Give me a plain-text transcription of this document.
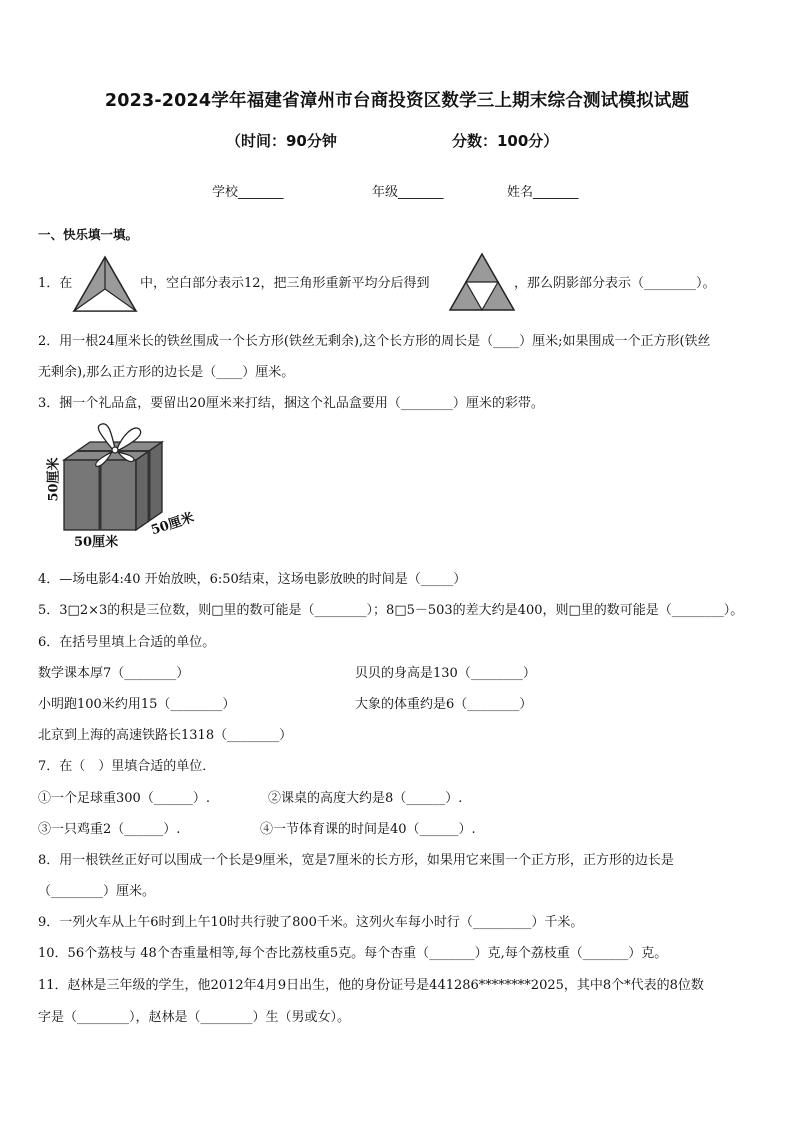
2023-2024学年福建省漳州市台商投资区数学三上期末综合测试模拟试题
（时间：90分钟	分数：100分）
学校_______	年级_______	姓名_______
一、快乐填一填。
1．在	中，空白部分表示12，把三角形重新平均分后得到	，那么阴影部分表示（________）。
2．用一根24厘米长的铁丝围成一个长方形(铁丝无剩余),这个长方形的周长是（____）厘米;如果围成一个正方形(铁丝
无剩余),那么正方形的边长是（____）厘米。
3．捆一个礼品盒，要留出20厘米来打结，捆这个礼品盒要用（________）厘米的彩带。
50厘米
50厘米
50厘米
4．—场电影4:40 开始放映，6:50结束，这场电影放映的时间是（_____）
5．3□2×3的积是三位数，则□里的数可能是（________）；8□5－503的差大约是400，则□里的数可能是（________）。
6．在括号里填上合适的单位。
数学课本厚7（________）	贝贝的身高是130（________）
小明跑100米约用15（________）	大象的体重约是6（________）
北京到上海的高速铁路长1318（________）
7．在（　）里填合适的单位．
①一个足球重300（______）.	②课桌的高度大约是8（______）.
③一只鸡重2（______）.	④一节体育课的时间是40（______）.
8．用一根铁丝正好可以围成一个长是9厘米，宽是7厘米的长方形，如果用它来围一个正方形，正方形的边长是
（________）厘米。
9．一列火车从上午6时到上午10时共行驶了800千米。这列火车每小时行（_________）千米。
10．56个荔枝与 48个杏重量相等,每个杏比荔枝重5克。每个杏重（_______）克,每个荔枝重（_______）克。
11．赵林是三年级的学生，他2012年4月9日出生，他的身份证号是441286********2025，其中8个*代表的8位数
字是（________），赵林是（________）生（男或女）。
